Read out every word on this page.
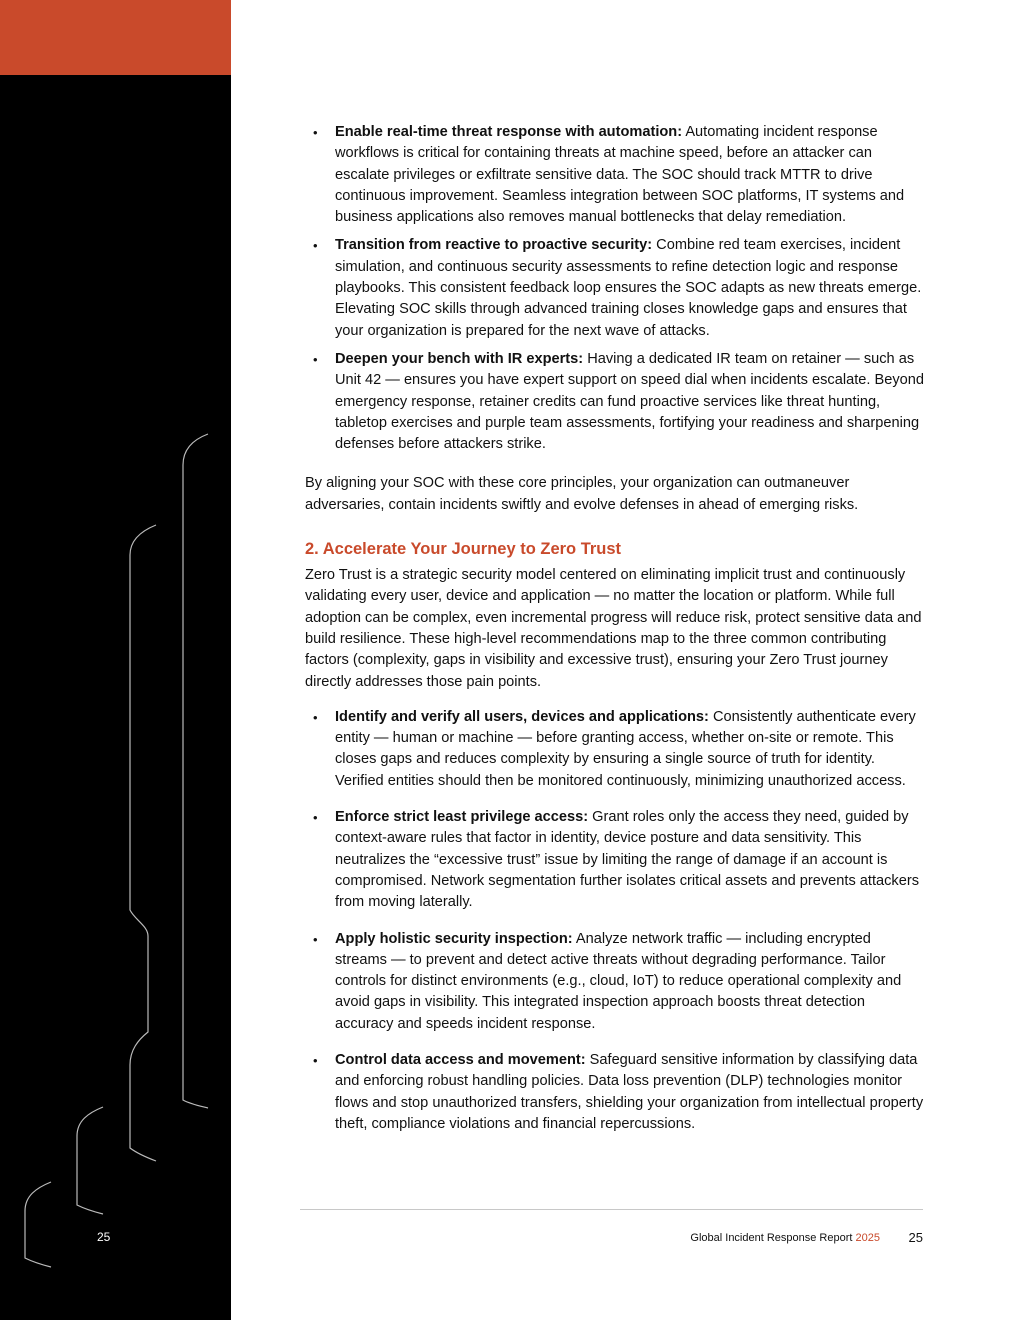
25
• Enable real-time threat response with automation: Automating incident response workflows is critical for containing threats at machine speed, before an attacker can escalate privileges or exfiltrate sensitive data. The SOC should track MTTR to drive continuous improvement. Seamless integration between SOC platforms, IT systems and business applications also removes manual bottlenecks that delay remediation.
• Transition from reactive to proactive security: Combine red team exercises, incident simulation, and continuous security assessments to refine detection logic and response playbooks. This consistent feedback loop ensures the SOC adapts as new threats emerge. Elevating SOC skills through advanced training closes knowledge gaps and ensures that your organization is prepared for the next wave of attacks.
• Deepen your bench with IR experts: Having a dedicated IR team on retainer — such as Unit 42 — ensures you have expert support on speed dial when incidents escalate. Beyond emergency response, retainer credits can fund proactive services like threat hunting, tabletop exercises and purple team assessments, fortifying your readiness and sharpening defenses before attackers strike.

By aligning your SOC with these core principles, your organization can outmaneuver adversaries, contain incidents swiftly and evolve defenses in ahead of emerging risks.

2. Accelerate Your Journey to Zero Trust

Zero Trust is a strategic security model centered on eliminating implicit trust and continuously validating every user, device and application — no matter the location or platform. While full adoption can be complex, even incremental progress will reduce risk, protect sensitive data and build resilience. These high-level recommendations map to the three common contributing factors (complexity, gaps in visibility and excessive trust), ensuring your Zero Trust journey directly addresses those pain points.

• Identify and verify all users, devices and applications: Consistently authenticate every entity — human or machine — before granting access, whether on-site or remote. This closes gaps and reduces complexity by ensuring a single source of truth for identity. Verified entities should then be monitored continuously, minimizing unauthorized access.
• Enforce strict least privilege access: Grant roles only the access they need, guided by context-aware rules that factor in identity, device posture and data sensitivity. This neutralizes the “excessive trust” issue by limiting the range of damage if an account is compromised. Network segmentation further isolates critical assets and prevents attackers from moving laterally.
• Apply holistic security inspection: Analyze network traffic — including encrypted streams — to prevent and detect active threats without degrading performance. Tailor controls for distinct environments (e.g., cloud, IoT) to reduce operational complexity and avoid gaps in visibility. This integrated inspection approach boosts threat detection accuracy and speeds incident response.
• Control data access and movement: Safeguard sensitive information by classifying data and enforcing robust handling policies. Data loss prevention (DLP) technologies monitor flows and stop unauthorized transfers, shielding your organization from intellectual property theft, compliance violations and financial repercussions.
Global Incident Response Report 2025 25
